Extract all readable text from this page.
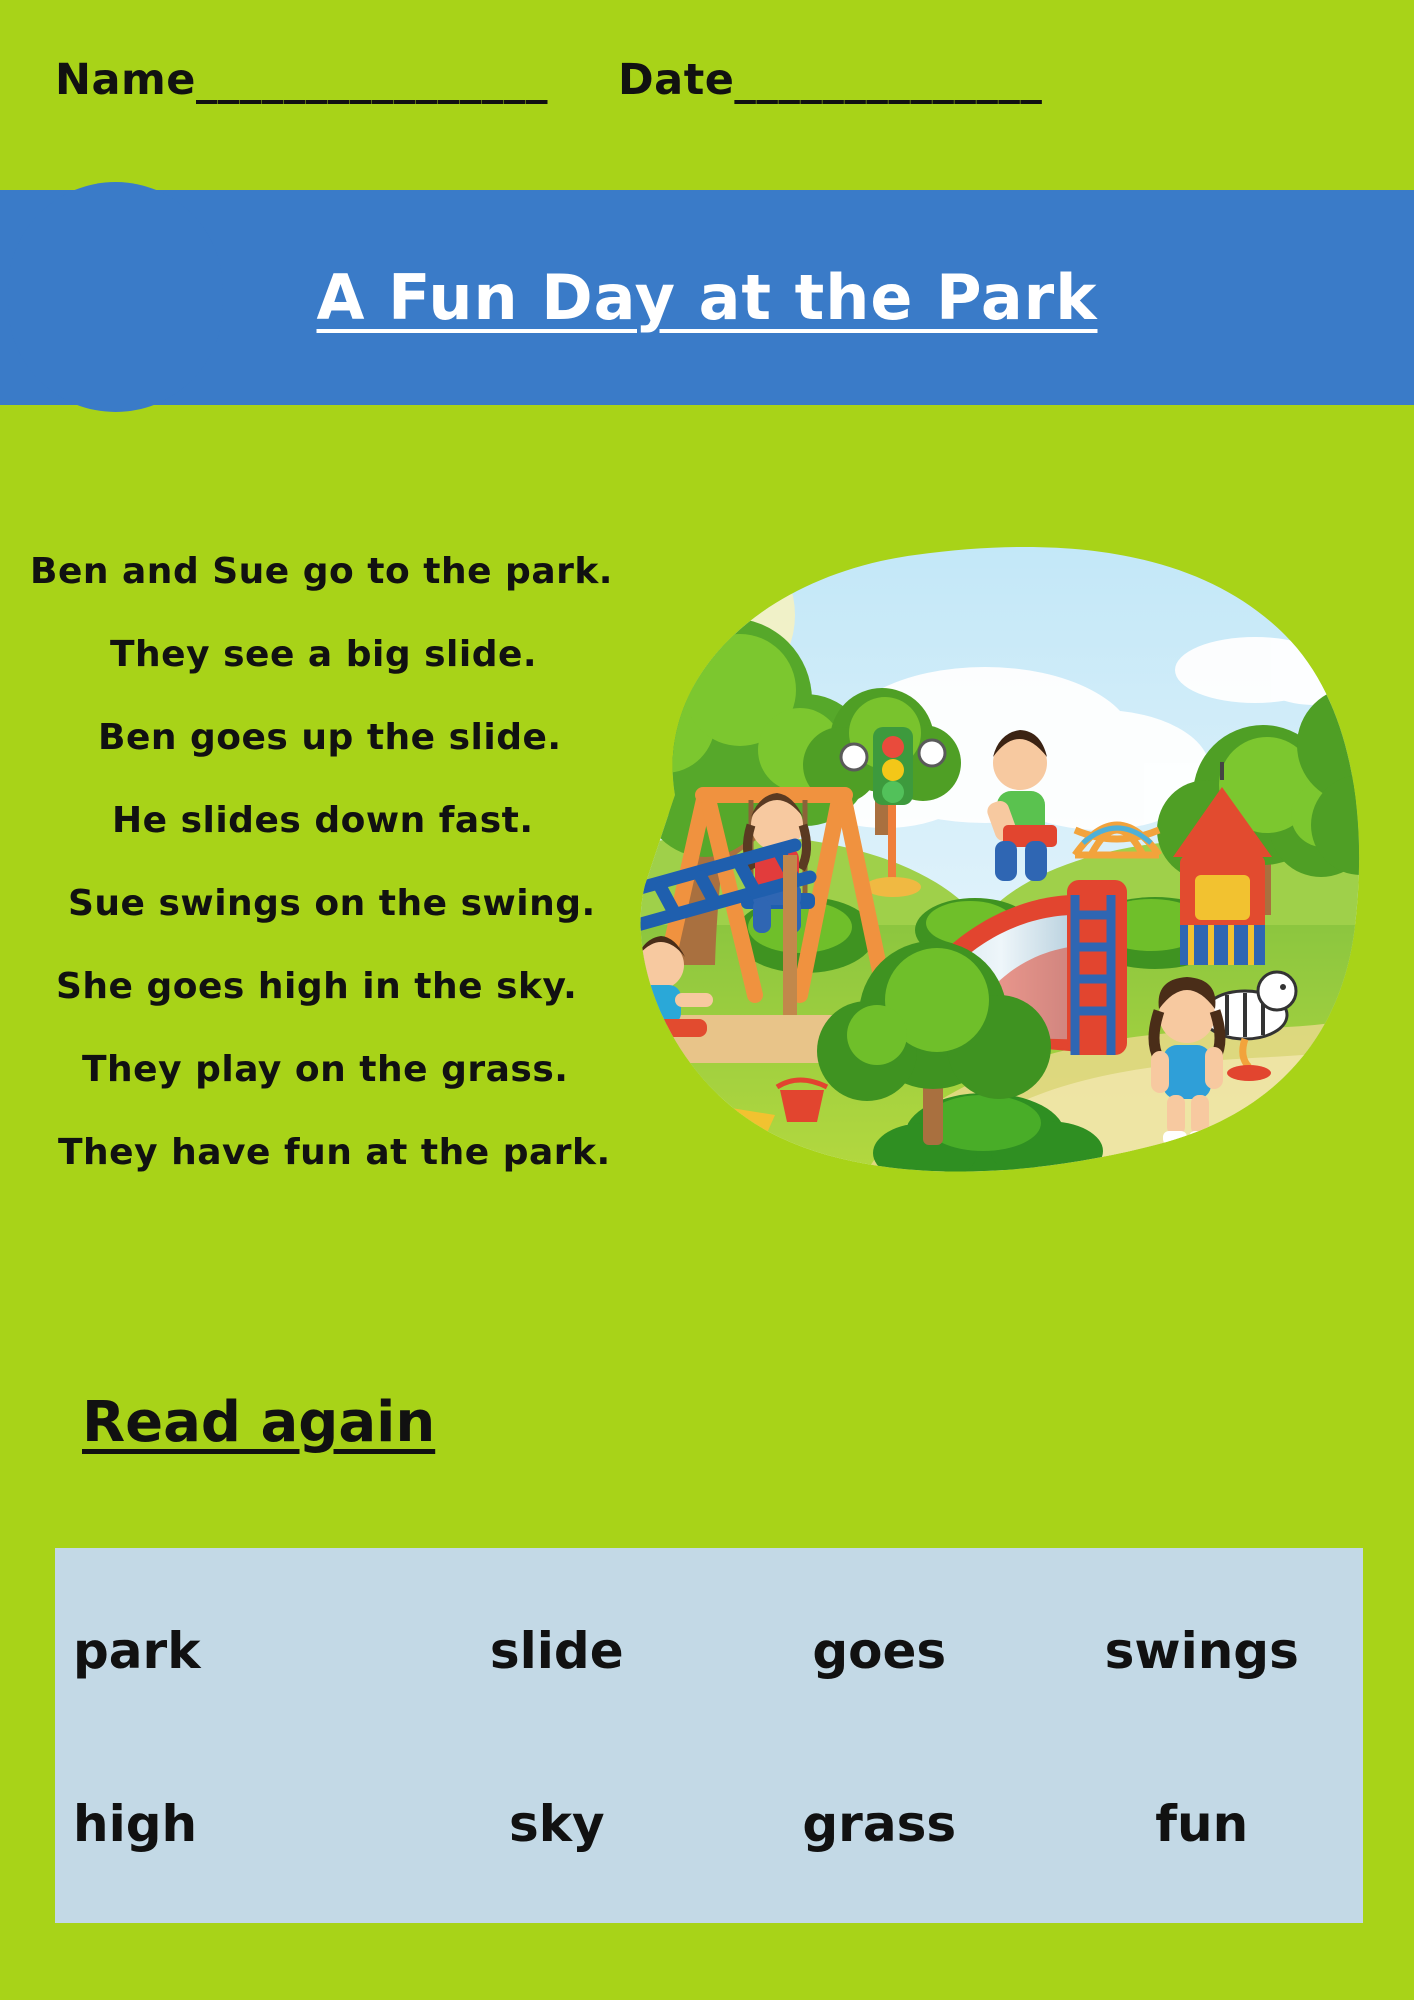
Name________________ Date______________
A Fun Day at the Park
Ben and Sue go to the park.
They see a big slide.
Ben goes up the slide.
He slides down fast.
Sue swings on the swing.
She goes high in the sky.
They play on the grass.
They have fun at the park.
Read again
park	slide	goes	swings
high	sky	grass	fun
